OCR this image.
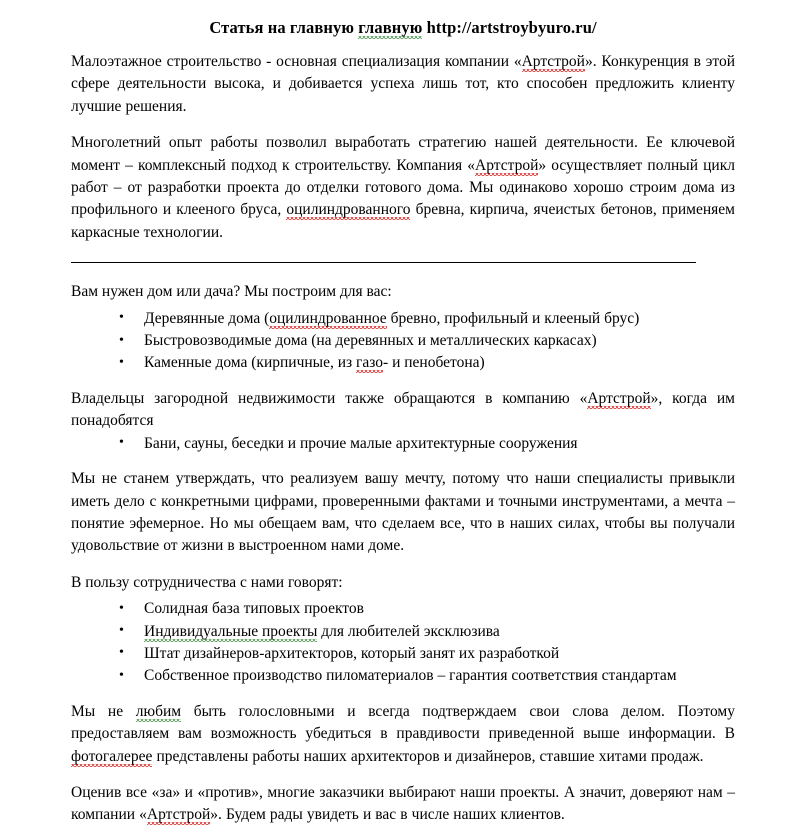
Статья на главную главную http://artstroybyuro.ru/

Малоэтажное строительство - основная специализация компании «Артстрой». Конкуренция в этой сфере деятельности высока, и добивается успеха лишь тот, кто способен предложить клиенту лучшие решения.

Многолетний опыт работы позволил выработать стратегию нашей деятельности. Ее ключевой момент – комплексный подход к строительству. Компания «Артстрой» осуществляет полный цикл работ – от разработки проекта до отделки готового дома. Мы одинаково хорошо строим дома из профильного и клееного бруса, оцилиндрованного бревна, кирпича, ячеистых бетонов, применяем каркасные технологии.

Вам нужен дом или дача? Мы построим для вас:

• Деревянные дома (оцилиндрованное бревно, профильный и клееный брус)
• Быстровозводимые дома (на деревянных и металлических каркасах)
• Каменные дома (кирпичные, из газо- и пенобетона)

Владельцы загородной недвижимости также обращаются в компанию «Артстрой», когда им понадобятся

• Бани, сауны, беседки и прочие малые архитектурные сооружения

Мы не станем утверждать, что реализуем вашу мечту, потому что наши специалисты привыкли иметь дело с конкретными цифрами, проверенными фактами и точными инструментами, а мечта – понятие эфемерное. Но мы обещаем вам, что сделаем все, что в наших силах, чтобы вы получали удовольствие от жизни в выстроенном нами доме.

В пользу сотрудничества с нами говорят:

• Солидная база типовых проектов
• Индивидуальные проекты для любителей эксклюзива
• Штат дизайнеров-архитекторов, который занят их разработкой
• Собственное производство пиломатериалов – гарантия соответствия стандартам

Мы не любим быть голословными и всегда подтверждаем свои слова делом. Поэтому предоставляем вам возможность убедиться в правдивости приведенной выше информации. В фотогалерее представлены работы наших архитекторов и дизайнеров, ставшие хитами продаж.

Оценив все «за» и «против», многие заказчики выбирают наши проекты. А значит, доверяют нам – компании «Артстрой». Будем рады увидеть и вас в числе наших клиентов.
